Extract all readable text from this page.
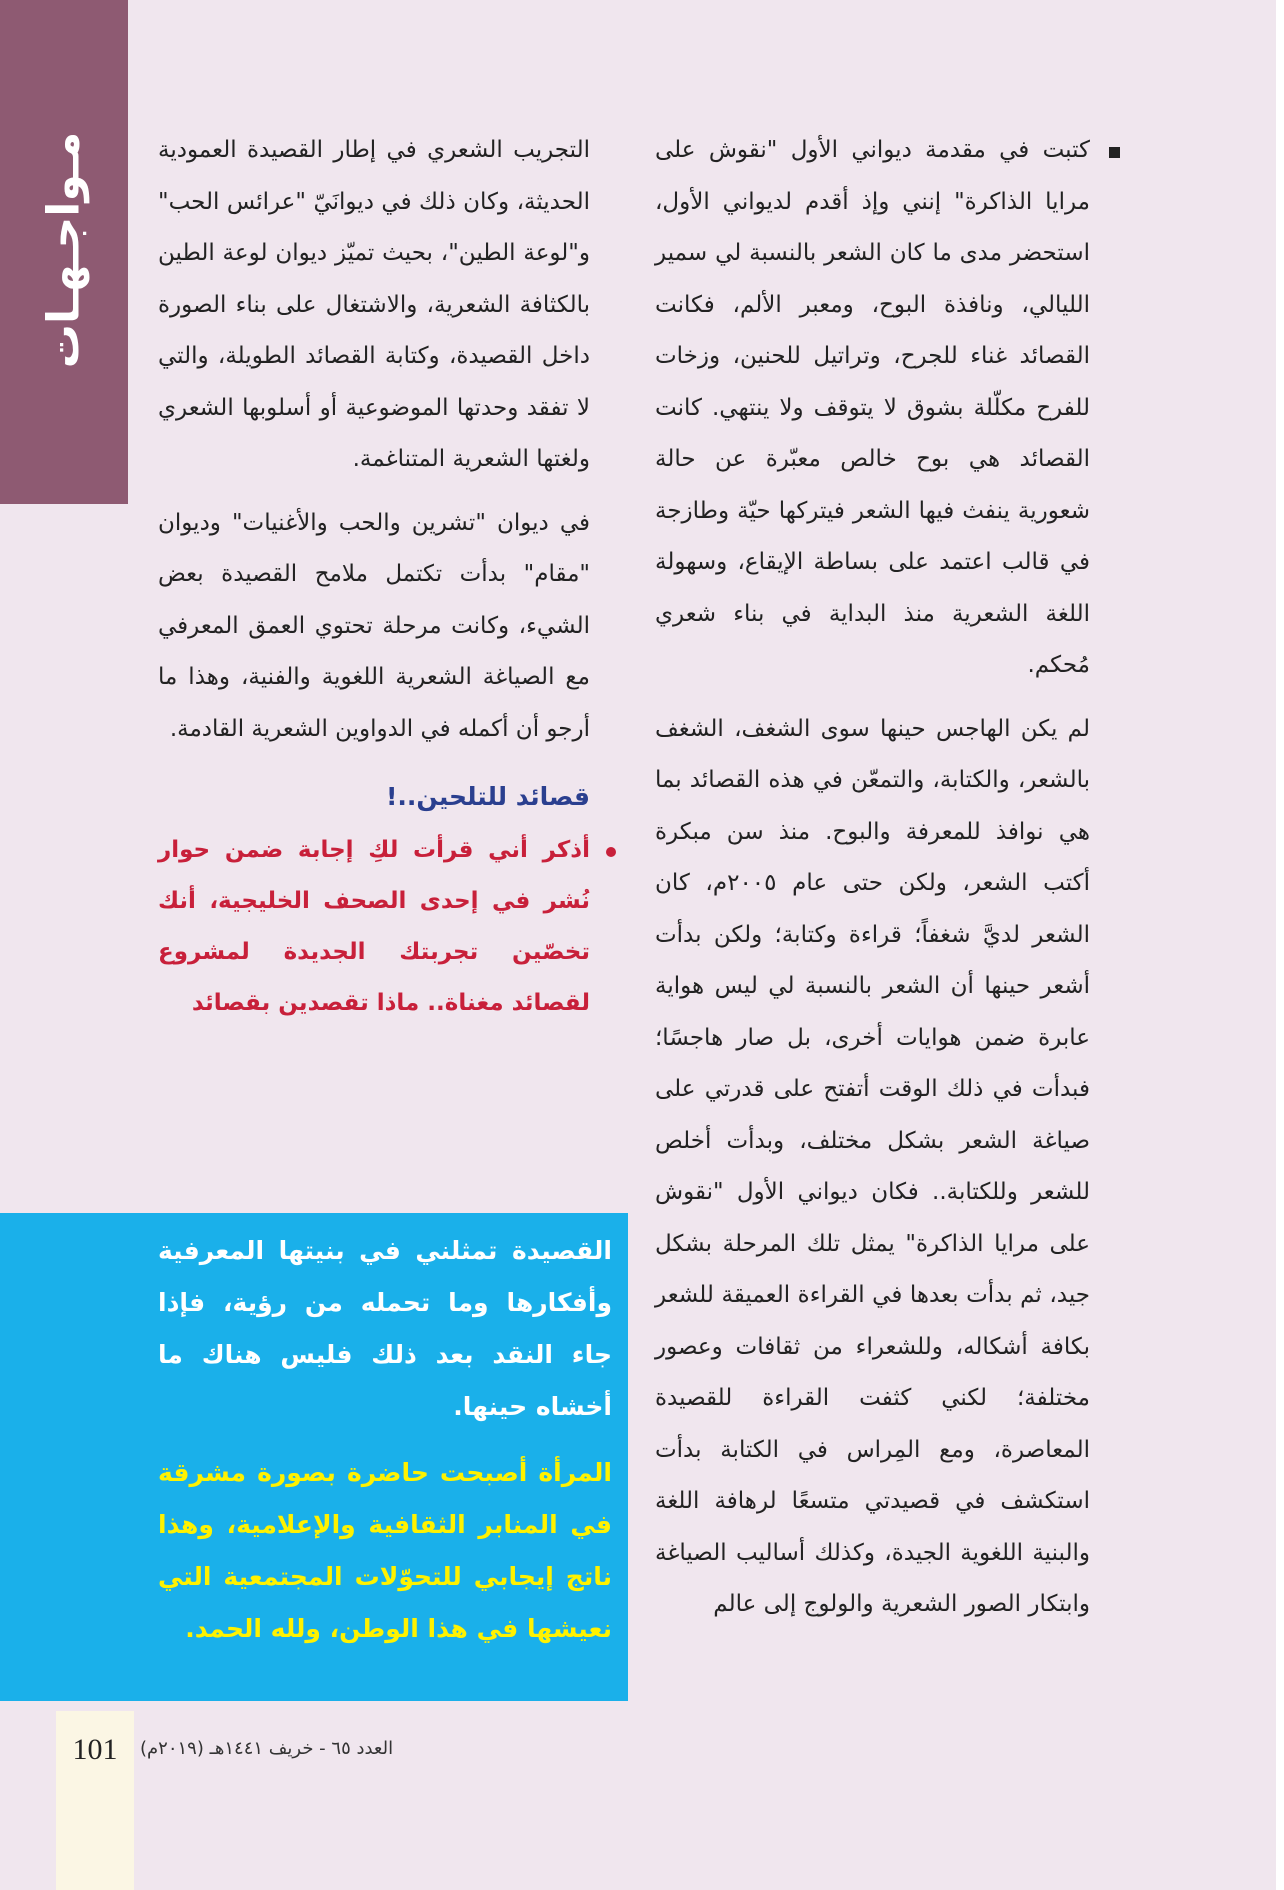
مـواجـهـات	كتبت في مقدمة ديواني الأول "نقوش على مرايا الذاكرة" إنني وإذ أقدم لديواني الأول، استحضر مدى ما كان الشعر بالنسبة لي سمير الليالي، ونافذة البوح، ومعبر الألم، فكانت القصائد غناء للجرح، وتراتيل للحنين، وزخات للفرح مكلّلة بشوق لا يتوقف ولا ينتهي. كانت القصائد هي بوح خالص معبّرة عن حالة شعورية ينفث فيها الشعر فيتركها حيّة وطازجة في قالب اعتمد على بساطة الإيقاع، وسهولة اللغة الشعرية منذ البداية في بناء شعري مُحكم.

لم يكن الهاجس حينها سوى الشغف، الشغف بالشعر، والكتابة، والتمعّن في هذه القصائد بما هي نوافذ للمعرفة والبوح. منذ سن مبكرة أكتب الشعر، ولكن حتى عام ٢٠٠٥م، كان الشعر لديَّ شغفاً؛ قراءة وكتابة؛ ولكن بدأت أشعر حينها أن الشعر بالنسبة لي ليس هواية عابرة ضمن هوايات أخرى، بل صار هاجسًا؛ فبدأت في ذلك الوقت أتفتح على قدرتي على صياغة الشعر بشكل مختلف، وبدأت أخلص للشعر وللكتابة.. فكان ديواني الأول "نقوش على مرايا الذاكرة" يمثل تلك المرحلة بشكل جيد، ثم بدأت بعدها في القراءة العميقة للشعر بكافة أشكاله، وللشعراء من ثقافات وعصور مختلفة؛ لكني كثفت القراءة للقصيدة المعاصرة، ومع المِراس في الكتابة بدأت استكشف في قصيدتي متسعًا لرهافة اللغة والبنية اللغوية الجيدة، وكذلك أساليب الصياغة وابتكار الصور الشعرية والولوج إلى عالم

التجريب الشعري في إطار القصيدة العمودية الحديثة، وكان ذلك في ديوانَيّ "عرائس الحب" و"لوعة الطين"، بحيث تميّز ديوان لوعة الطين بالكثافة الشعرية، والاشتغال على بناء الصورة داخل القصيدة، وكتابة القصائد الطويلة، والتي لا تفقد وحدتها الموضوعية أو أسلوبها الشعري ولغتها الشعرية المتناغمة.

في ديوان "تشرين والحب والأغنيات" وديوان "مقام" بدأت تكتمل ملامح القصيدة بعض الشيء، وكانت مرحلة تحتوي العمق المعرفي مع الصياغة الشعرية اللغوية والفنية، وهذا ما أرجو أن أكمله في الدواوين الشعرية القادمة.

قصائد للتلحين..!
أذكر أني قرأت لكِ إجابة ضمن حوار نُشر في إحدى الصحف الخليجية، أنك تخصّين تجربتك الجديدة لمشروع لقصائد مغناة.. ماذا تقصدين بقصائد

القصيدة تمثلني في بنيتها المعرفية وأفكارها وما تحمله من رؤية، فإذا جاء النقد بعد ذلك فليس هناك ما أخشاه حينها.

المرأة أصبحت حاضرة بصورة مشرقة في المنابر الثقافية والإعلامية، وهذا ناتج إيجابي للتحوّلات المجتمعية التي نعيشها في هذا الوطن، ولله الحمد.

101	العدد ٦٥ - خريف ١٤٤١هـ (٢٠١٩م)
